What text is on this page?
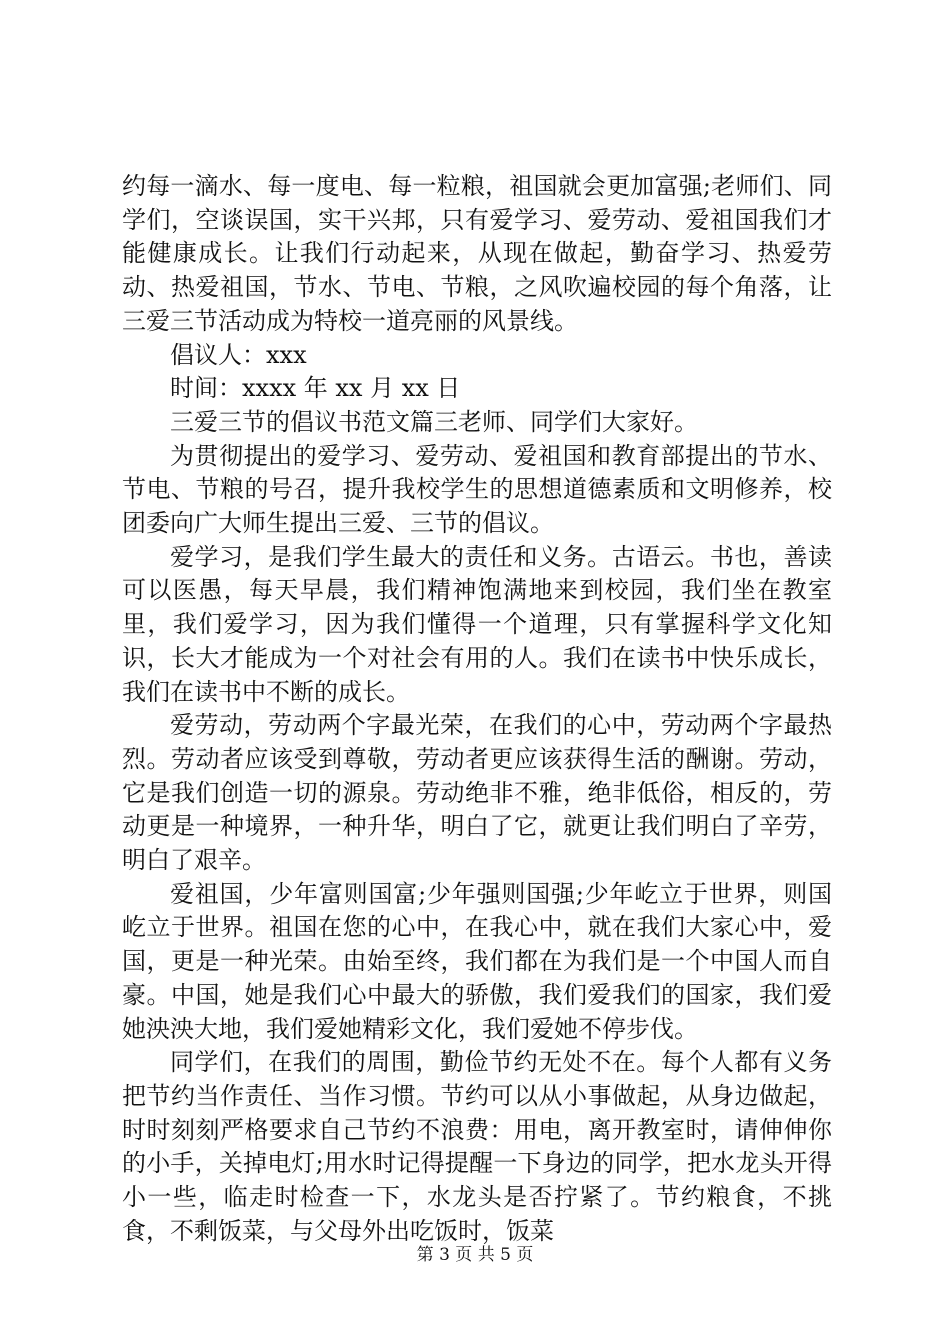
约每一滴水、每一度电、每一粒粮，祖国就会更加富强;老师们、同学们，空谈误国，实干兴邦，只有爱学习、爱劳动、爱祖国我们才能健康成长。让我们行动起来，从现在做起，勤奋学习、热爱劳动、热爱祖国，节水、节电、节粮，之风吹遍校园的每个角落，让三爱三节活动成为特校一道亮丽的风景线。

倡议人：xxx

时间：xxxx 年 xx 月 xx 日

三爱三节的倡议书范文篇三老师、同学们大家好。

为贯彻提出的爱学习、爱劳动、爱祖国和教育部提出的节水、节电、节粮的号召，提升我校学生的思想道德素质和文明修养，校团委向广大师生提出三爱、三节的倡议。

爱学习，是我们学生最大的责任和义务。古语云。书也，善读可以医愚，每天早晨，我们精神饱满地来到校园，我们坐在教室里，我们爱学习，因为我们懂得一个道理，只有掌握科学文化知识，长大才能成为一个对社会有用的人。我们在读书中快乐成长，我们在读书中不断的成长。

爱劳动，劳动两个字最光荣，在我们的心中，劳动两个字最热烈。劳动者应该受到尊敬，劳动者更应该获得生活的酬谢。劳动，它是我们创造一切的源泉。劳动绝非不雅，绝非低俗，相反的，劳动更是一种境界，一种升华，明白了它，就更让我们明白了辛劳，明白了艰辛。

爱祖国，少年富则国富;少年强则国强;少年屹立于世界，则国屹立于世界。祖国在您的心中，在我心中，就在我们大家心中，爱国，更是一种光荣。由始至终，我们都在为我们是一个中国人而自豪。中国，她是我们心中最大的骄傲，我们爱我们的国家，我们爱她泱泱大地，我们爱她精彩文化，我们爱她不停步伐。

同学们，在我们的周围，勤俭节约无处不在。每个人都有义务把节约当作责任、当作习惯。节约可以从小事做起，从身边做起，时时刻刻严格要求自己节约不浪费：用电，离开教室时，请伸伸你的小手，关掉电灯;用水时记得提醒一下身边的同学，把水龙头开得小一些，临走时检查一下，水龙头是否拧紧了。节约粮食，不挑食，不剩饭菜，与父母外出吃饭时，饭菜

第 3 页 共 5 页
